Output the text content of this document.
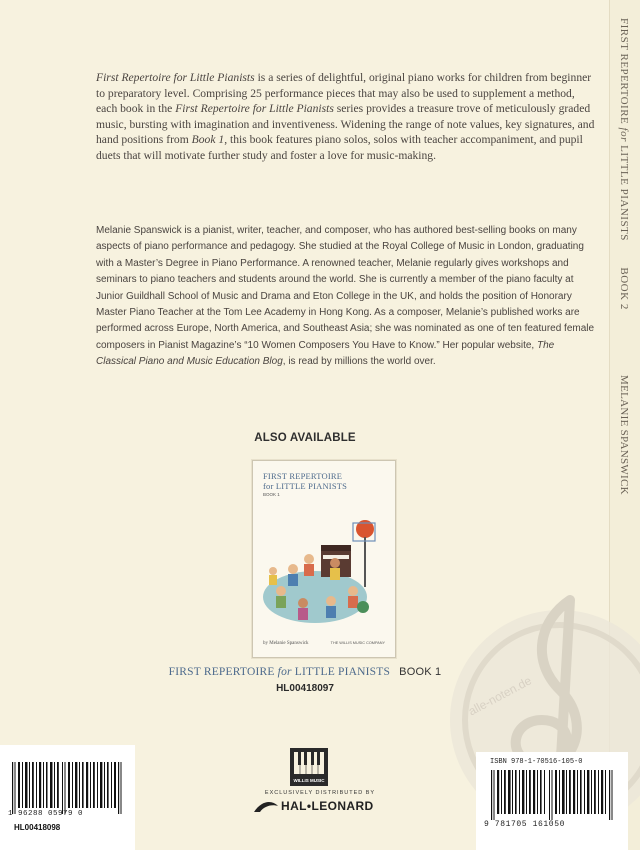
FIRST REPERTOIRE for LITTLE PIANISTS  BOOK 2
MELANIE SPANSWICK
First Repertoire for Little Pianists is a series of delightful, original piano works for children from beginner to preparatory level. Comprising 25 performance pieces that may also be used to supplement a method, each book in the First Repertoire for Little Pianists series provides a treasure trove of meticulously graded music, bursting with imagination and inventiveness. Widening the range of note values, key signatures, and hand positions from Book 1, this book features piano solos, solos with teacher accompaniment, and pupil duets that will motivate further study and foster a love for music-making.
Melanie Spanswick is a pianist, writer, teacher, and composer, who has authored best-selling books on many aspects of piano performance and pedagogy. She studied at the Royal College of Music in London, graduating with a Master’s Degree in Piano Performance. A renowned teacher, Melanie regularly gives workshops and seminars to piano teachers and students around the world. She is currently a member of the piano faculty at Junior Guildhall School of Music and Drama and Eton College in the UK, and holds the position of Honorary Master Piano Teacher at the Tom Lee Academy in Hong Kong. As a composer, Melanie’s published works are performed across Europe, North America, and Southeast Asia; she was nominated as one of ten featured female composers in Pianist Magazine’s “10 Women Composers You Have to Know.” Her popular website, The Classical Piano and Music Education Blog, is read by millions the world over.
ALSO AVAILABLE
FIRST REPERTOIRE
for LITTLE PIANISTS
BOOK 1
by Melanie Spanswick	THE WILLIS MUSIC COMPANY
FIRST REPERTOIRE for LITTLE PIANISTS BOOK 1
HL00418097	alle-noten.de
1 96288 05979 0
HL00418098
WILLIS MUSIC
EXCLUSIVELY DISTRIBUTED BY
HAL•LEONARD
ISBN 978-1-70516-105-0
9 781705 161050
